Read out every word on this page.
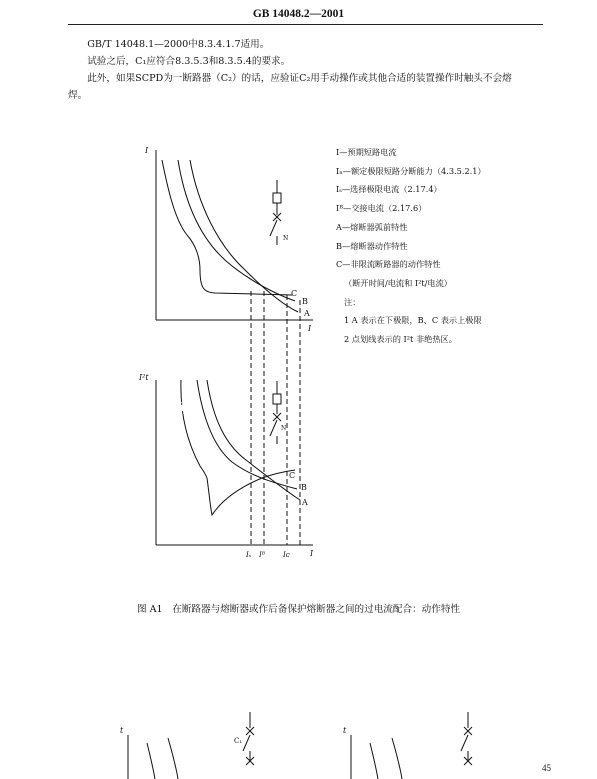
GB 14048.2—2001
GB/T 14048.1—2000中8.3.4.1.7适用。
试验之后，C₁应符合8.3.5.3和8.3.5.4的要求。
此外，如果SCPD为一断路器（C₂）的话，应验证C₂用手动操作或其他合适的装置操作时触头不会熔
焊。
I
I
C
B
A
N
I²t
I
C
B
A
N
Iₛ Iᴮ	Iᴄ
t
C₁
t
I—预期短路电流
Iₙ—额定极限短路分断能力（4.3.5.2.1）
Iₛ—选择极限电流（2.17.4）
Iᴮ—交接电流（2.17.6）
A—熔断器弧前特性
B—熔断器动作特性
C—非限流断路器的动作特性
（断开时间/电流和 I²t/电流）
注：
1 A 表示在下极限，B、C 表示上极限
2 点划线表示的 I²t 非绝热区。
图 A1　在断路器与熔断器或作后备保护熔断器之间的过电流配合：动作特性
45
